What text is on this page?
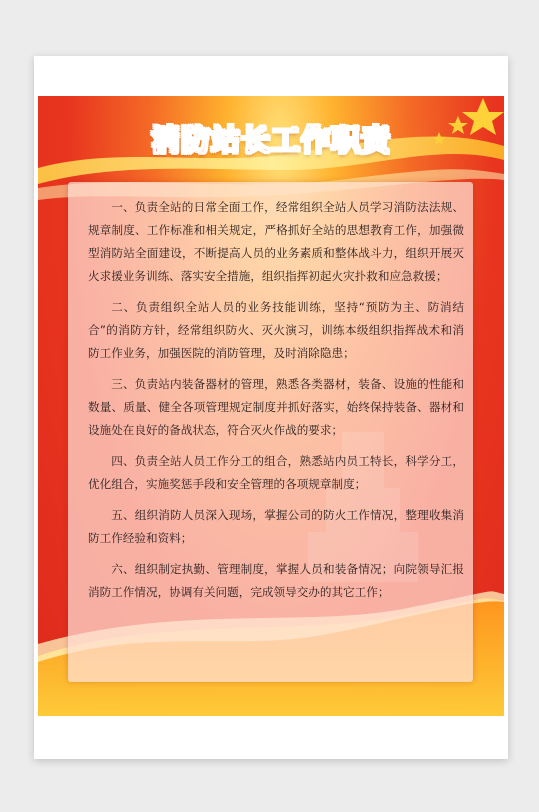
消防站长工作职责

一、负责全站的日常全面工作，经常组织全站人员学习消防法法规、规章制度、工作标准和相关规定，严格抓好全站的思想教育工作，加强微型消防站全面建设，不断提高人员的业务素质和整体战斗力，组织开展灭火求援业务训练、落实安全措施，组织指挥初起火灾扑救和应急救援；

二、负责组织全站人员的业务技能训练，坚持“预防为主、防消结合”的消防方针，经常组织防火、灭火演习，训练本级组织指挥战术和消防工作业务，加强医院的消防管理，及时消除隐患；

三、负责站内装备器材的管理，熟悉各类器材，装备、设施的性能和数量、质量、健全各项管理规定制度并抓好落实，始终保持装备、器材和设施处在良好的备战状态，符合灭火作战的要求；

四、负责全站人员工作分工的组合，熟悉站内员工特长，科学分工，优化组合，实施奖惩手段和安全管理的各项规章制度；

五、组织消防人员深入现场，掌握公司的防火工作情况，整理收集消防工作经验和资料；

六、组织制定执勤、管理制度，掌握人员和装备情况；向院领导汇报消防工作情况，协调有关问题，完成领导交办的其它工作；
